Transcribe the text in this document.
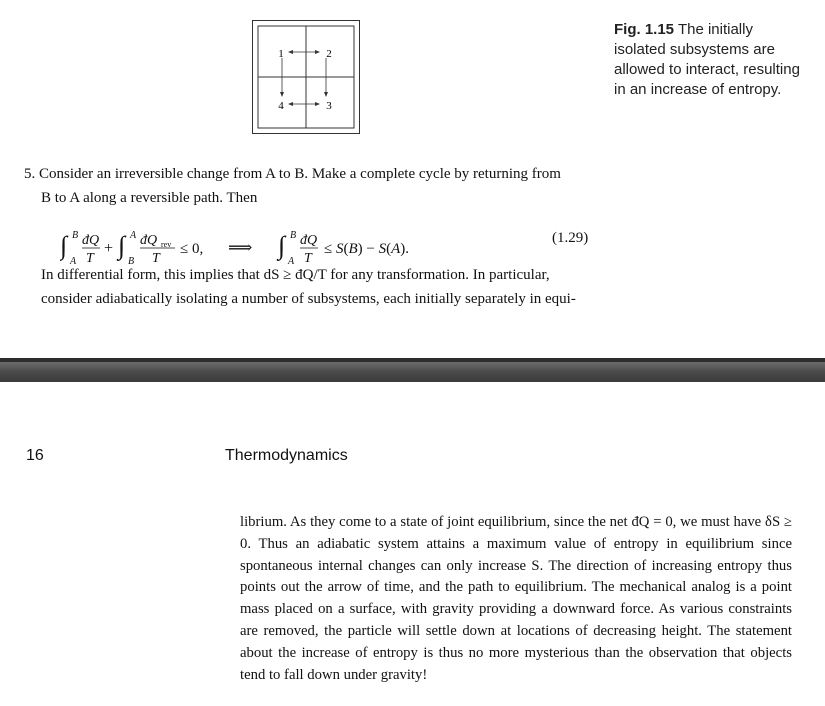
1	2
3
4
Fig. 1.15 The initially isolated subsystems are allowed to interact, resulting in an increase of entropy.
5. Consider an irreversible change from A to B. Make a complete cycle by returning from
B to A along a reversible path. Then
∫ B
A
đQ
T
+ ∫ A
B
đQ rev
T
≤ 0, ⟹ ∫ B
A
đQ
T
≤ S(B) − S(A).
(1.29)
In differential form, this implies that dS ≥ đQ/T for any transformation. In particular,
consider adiabatically isolating a number of subsystems, each initially separately in equi-
16	Thermodynamics
librium. As they come to a state of joint equilibrium, since the net đQ = 0, we must have δS ≥ 0. Thus an adiabatic system attains a maximum value of entropy in equilibrium since spontaneous internal changes can only increase S. The direction of increasing entropy thus points out the arrow of time, and the path to equilibrium. The mechanical analog is a point mass placed on a surface, with gravity providing a downward force. As various constraints are removed, the particle will settle down at locations of decreasing height. The statement about the increase of entropy is thus no more mysterious than the observation that objects tend to fall down under gravity!
